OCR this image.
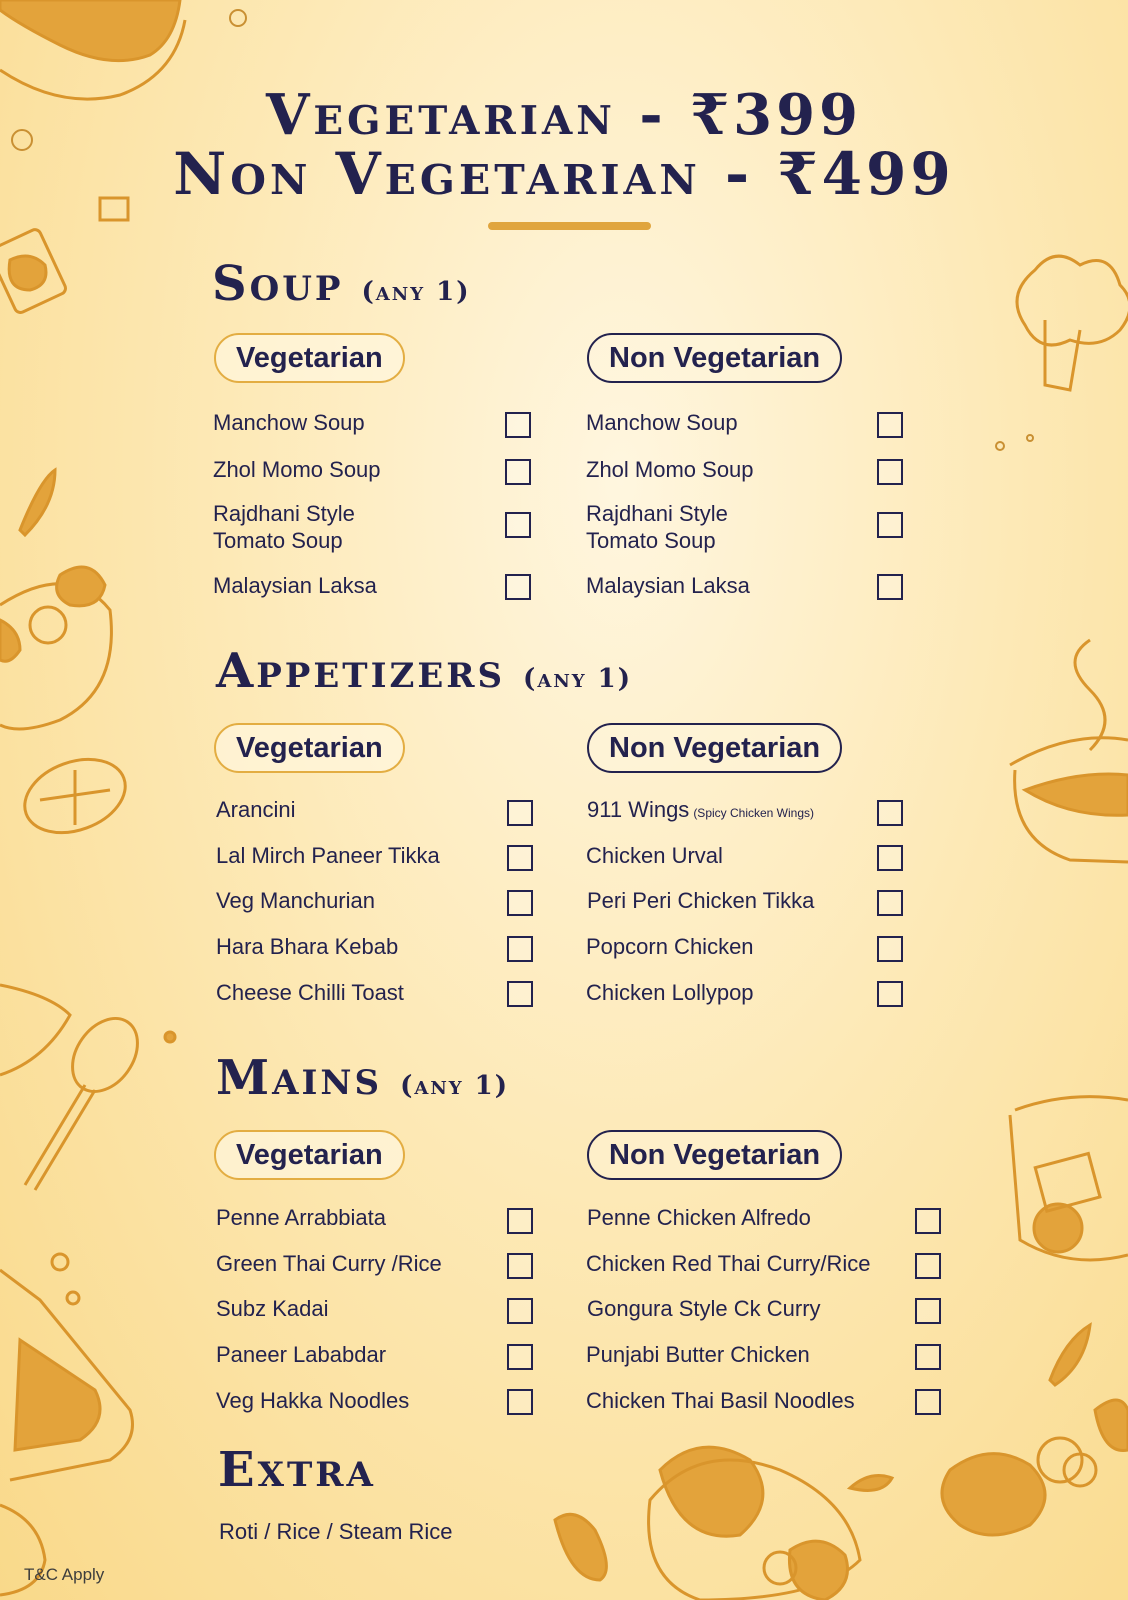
Vegetarian - ₹399
Non Vegetarian - ₹499
Soup (any 1)
Vegetarian	Non Vegetarian
Manchow Soup
Zhol Momo Soup
Rajdhani Style
Tomato Soup
Malaysian Laksa
Manchow Soup
Zhol Momo Soup
Rajdhani Style
Tomato Soup
Malaysian Laksa
Appetizers (any 1)
Vegetarian	Non Vegetarian
Arancini
Lal Mirch Paneer Tikka
Veg Manchurian
Hara Bhara Kebab
Cheese Chilli Toast
911 Wings (Spicy Chicken Wings)
Chicken Urval
Peri Peri Chicken Tikka
Popcorn Chicken
Chicken Lollypop
Mains (any 1)
Vegetarian	Non Vegetarian
Penne Arrabbiata
Green Thai Curry /Rice
Subz Kadai
Paneer Lababdar
Veg Hakka Noodles
Penne Chicken Alfredo
Chicken Red Thai Curry/Rice
Gongura Style Ck Curry
Punjabi Butter Chicken
Chicken Thai Basil Noodles
Extra
Roti / Rice / Steam Rice
T&C Apply
